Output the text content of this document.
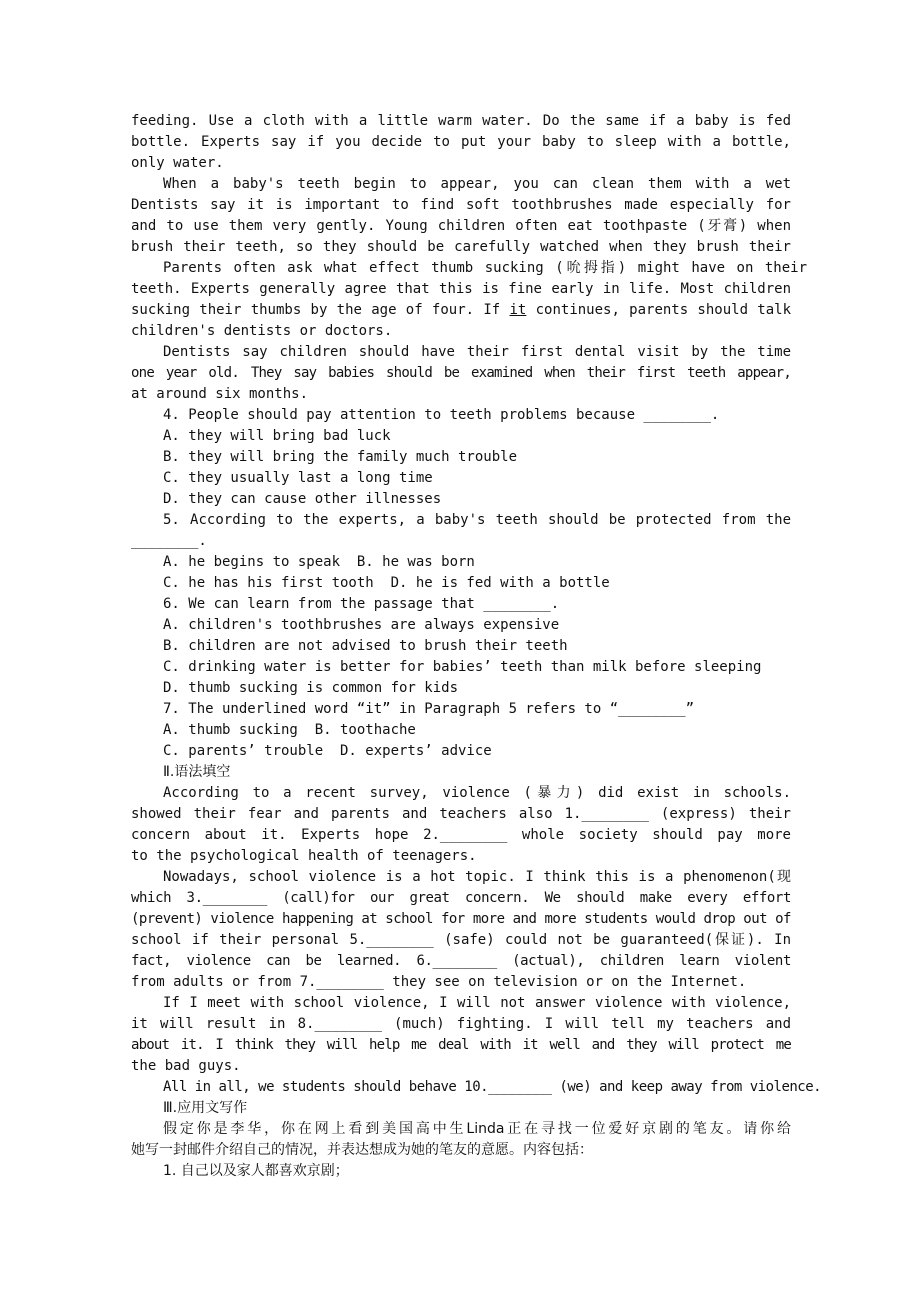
feeding. Use a cloth with a little warm water. Do the same if a baby is fed
bottle. Experts say if you decide to put your baby to sleep with a bottle,
only water.
When a baby's teeth begin to appear, you can clean them with a wet
Dentists say it is important to find soft toothbrushes made especially for
and to use them very gently. Young children often eat toothpaste (牙膏) when
brush their teeth, so they should be carefully watched when they brush their
Parents often ask what effect thumb sucking (吮拇指) might have on their
teeth. Experts generally agree that this is fine early in life. Most children
sucking their thumbs by the age of four. If it continues, parents should talk
children's dentists or doctors.
Dentists say children should have their first dental visit by the time
one year old. They say babies should be examined when their first teeth appear,
at around six months.
4. People should pay attention to teeth problems because ________.
A. they will bring bad luck
B. they will bring the family much trouble
C. they usually last a long time
D. they can cause other illnesses
5. According to the experts, a baby's teeth should be protected from the
________.
A. he begins to speak  B. he was born
C. he has his first tooth  D. he is fed with a bottle
6. We can learn from the passage that ________.
A. children's toothbrushes are always expensive
B. children are not advised to brush their teeth
C. drinking water is better for babies’ teeth than milk before sleeping
D. thumb sucking is common for kids
7. The underlined word “it” in Paragraph 5 refers to “________”
A. thumb sucking  B. toothache
C. parents’ trouble  D. experts’ advice
Ⅱ.语法填空
According to a recent survey, violence (暴力) did exist in schools.
showed their fear and parents and teachers also 1.________ (express) their
concern about it. Experts hope 2.________ whole society should pay more
to the psychological health of teenagers.
Nowadays, school violence is a hot topic. I think this is a phenomenon(现
which 3.________ (call)for our great concern. We should make every effort
(prevent) violence happening at school for more and more students would drop out of
school if their personal 5.________ (safe) could not be guaranteed(保证). In
fact, violence can be learned. 6.________ (actual), children learn violent
from adults or from 7.________ they see on television or on the Internet.
If I meet with school violence, I will not answer violence with violence,
it will result in 8.________ (much) fighting. I will tell my teachers and
about it. I think they will help me deal with it well and they will protect me
the bad guys.
All in all, we students should behave 10.________ (we) and keep away from violence.
Ⅲ.应用文写作
假定你是李华，你在网上看到美国高中生Linda正在寻找一位爱好京剧的笔友。请你给
她写一封邮件介绍自己的情况，并表达想成为她的笔友的意愿。内容包括：
1. 自己以及家人都喜欢京剧；
